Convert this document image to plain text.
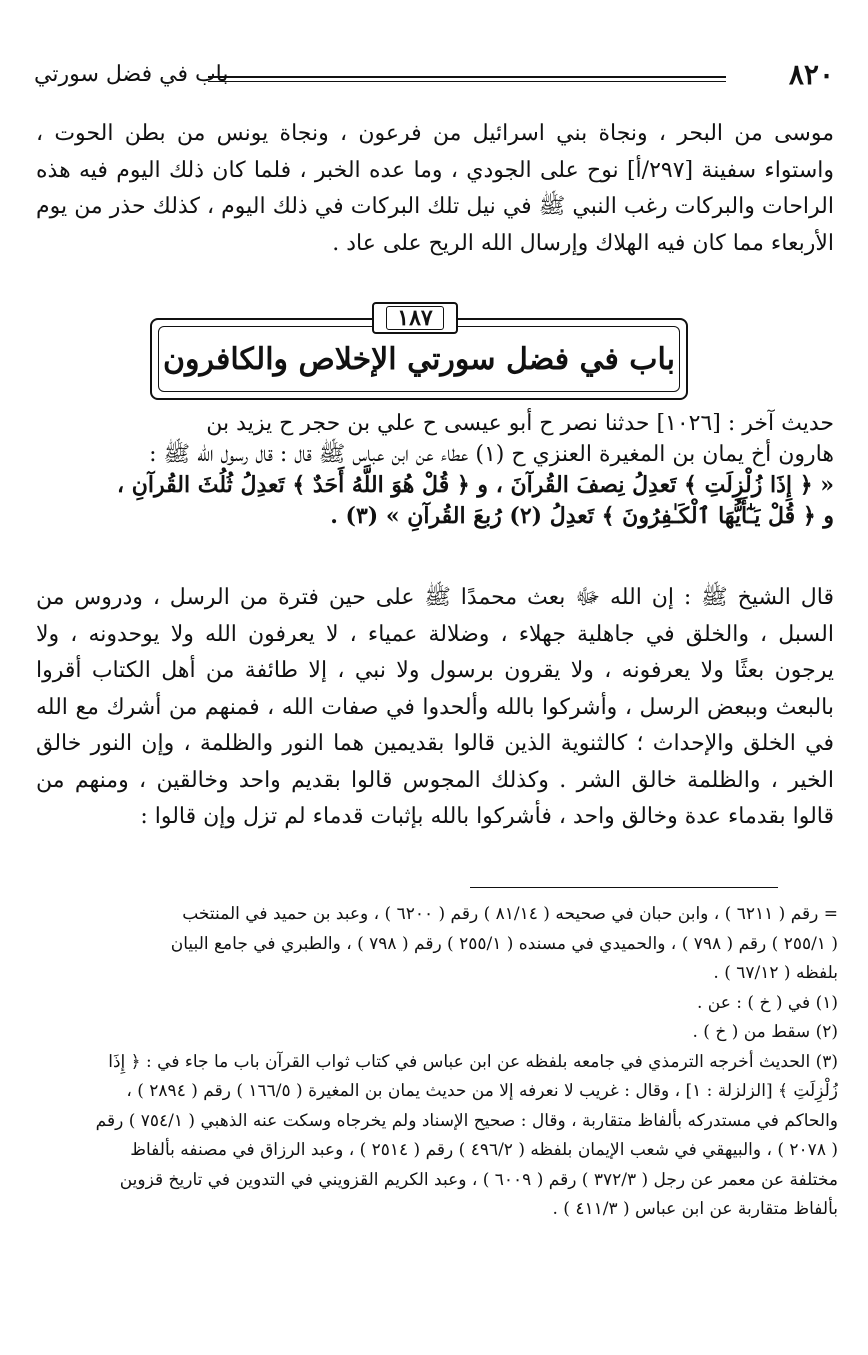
٨٢٠
باب في فضل سورتي
موسى من البحر ، ونجاة بني اسرائيل من فرعون ، ونجاة يونس من بطن الحوت ، واستواء سفينة [٢٩٧/أ] نوح على الجودي ، وما عده الخبر ، فلما كان ذلك اليوم فيه هذه الراحات والبركات رغب النبي ﷺ في نيل تلك البركات في ذلك اليوم ، كذلك حذر من يوم الأربعاء مما كان فيه الهلاك وإرسال الله الريح على عاد .
١٨٧
باب في فضل سورتي الإخلاص والكافرون
حديث آخر : [١٠٢٦] حدثنا نصر ح أبو عيسى ح علي بن حجر ح يزيد بن
هارون أخ يمان بن المغيرة العنزي ح (١) عطاء عن ابن عباس ﷺ قال : قال رسول الله ﷺ :
« ﴿ إِذَا زُلْزِلَتِ ﴾ تَعدِلُ نِصفَ القُرآنَ ، و ﴿ قُلْ هُوَ اللَّهُ أَحَدٌ ﴾ تَعدِلُ ثُلُثَ القُرآنِ ،
و ﴿ قُلْ يَـٰٓأَيُّهَا ٱلْكَـٰفِرُونَ ﴾ تَعدِلُ (٢) رُبعَ القُرآنِ » (٣) .
قال الشيخ ﷺ : إن الله ﷻ بعث محمدًا ﷺ على حين فترة من الرسل ، ودروس من السبل ، والخلق في جاهلية جهلاء ، وضلالة عمياء ، لا يعرفون الله ولا يوحدونه ، ولا يرجون بعثًا ولا يعرفونه ، ولا يقرون برسول ولا نبي ، إلا طائفة من أهل الكتاب أقروا بالبعث وببعض الرسل ، وأشركوا بالله وألحدوا في صفات الله ، فمنهم من أشرك مع الله في الخلق والإحداث ؛ كالثنوية الذين قالوا بقديمين هما النور والظلمة ، وإن النور خالق الخير ، والظلمة خالق الشر . وكذلك المجوس قالوا بقديم واحد وخالقين ، ومنهم من قالوا بقدماء عدة وخالق واحد ، فأشركوا بالله بإثبات قدماء لم تزل وإن قالوا :
= رقم ( ٦٢١١ ) ، وابن حبان في صحيحه ( ٨١/١٤ ) رقم ( ٦٢٠٠ ) ، وعبد بن حميد في المنتخب
( ٢٥٥/١ ) رقم ( ٧٩٨ ) ، والحميدي في مسنده ( ٢٥٥/١ ) رقم ( ٧٩٨ ) ، والطبري في جامع البيان
بلفظه ( ٦٧/١٢ ) .
(١) في ( خ ) : عن .
(٢) سقط من ( خ ) .
(٣) الحديث أخرجه الترمذي في جامعه بلفظه عن ابن عباس في كتاب ثواب القرآن باب ما جاء في : ﴿ إِذَا
زُلْزِلَتِ ﴾ [الزلزلة : ١] ، وقال : غريب لا نعرفه إلا من حديث يمان بن المغيرة ( ١٦٦/٥ ) رقم ( ٢٨٩٤ ) ،
والحاكم في مستدركه بألفاظ متقاربة ، وقال : صحيح الإسناد ولم يخرجاه وسكت عنه الذهبي ( ٧٥٤/١ ) رقم
( ٢٠٧٨ ) ، والبيهقي في شعب الإيمان بلفظه ( ٤٩٦/٢ ) رقم ( ٢٥١٤ ) ، وعبد الرزاق في مصنفه بألفاظ
مختلفة عن معمر عن رجل ( ٣٧٢/٣ ) رقم ( ٦٠٠٩ ) ، وعبد الكريم القزويني في التدوين في تاريخ قزوين
بألفاظ متقاربة عن ابن عباس ( ٤١١/٣ ) .
